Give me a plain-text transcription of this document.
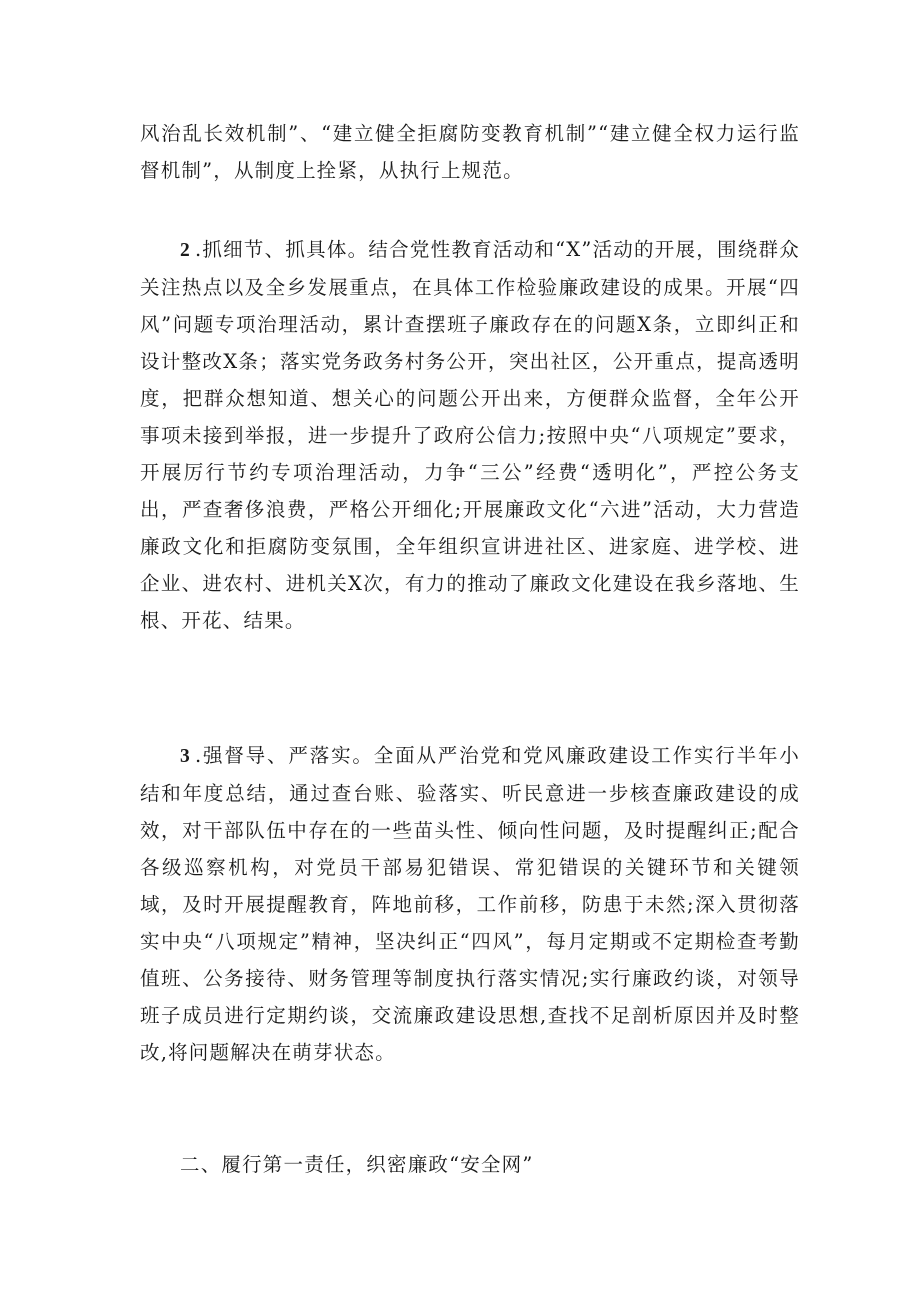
风治乱长效机制”、“建立健全拒腐防变教育机制”“建立健全权力运行监督机制”，从制度上拴紧，从执行上规范。

2 .抓细节、抓具体。结合党性教育活动和“X”活动的开展，围绕群众关注热点以及全乡发展重点，在具体工作检验廉政建设的成果。开展“四风”问题专项治理活动，累计查摆班子廉政存在的问题X条，立即纠正和设计整改X条；落实党务政务村务公开，突出社区，公开重点，提高透明度，把群众想知道、想关心的问题公开出来，方便群众监督，全年公开事项未接到举报，进一步提升了政府公信力;按照中央“八项规定”要求，开展厉行节约专项治理活动，力争“三公”经费“透明化”，严控公务支出，严查奢侈浪费，严格公开细化;开展廉政文化“六进”活动，大力营造廉政文化和拒腐防变氛围，全年组织宣讲进社区、进家庭、进学校、进企业、进农村、进机关X次，有力的推动了廉政文化建设在我乡落地、生根、开花、结果。

3 .强督导、严落实。全面从严治党和党风廉政建设工作实行半年小结和年度总结，通过查台账、验落实、听民意进一步核查廉政建设的成效，对干部队伍中存在的一些苗头性、倾向性问题，及时提醒纠正;配合各级巡察机构，对党员干部易犯错误、常犯错误的关键环节和关键领域，及时开展提醒教育，阵地前移，工作前移，防患于未然;深入贯彻落实中央“八项规定”精神，坚决纠正“四风”，每月定期或不定期检查考勤值班、公务接待、财务管理等制度执行落实情况;实行廉政约谈，对领导班子成员进行定期约谈，交流廉政建设思想,查找不足剖析原因并及时整改,将问题解决在萌芽状态。

二、履行第一责任，织密廉政“安全网”
